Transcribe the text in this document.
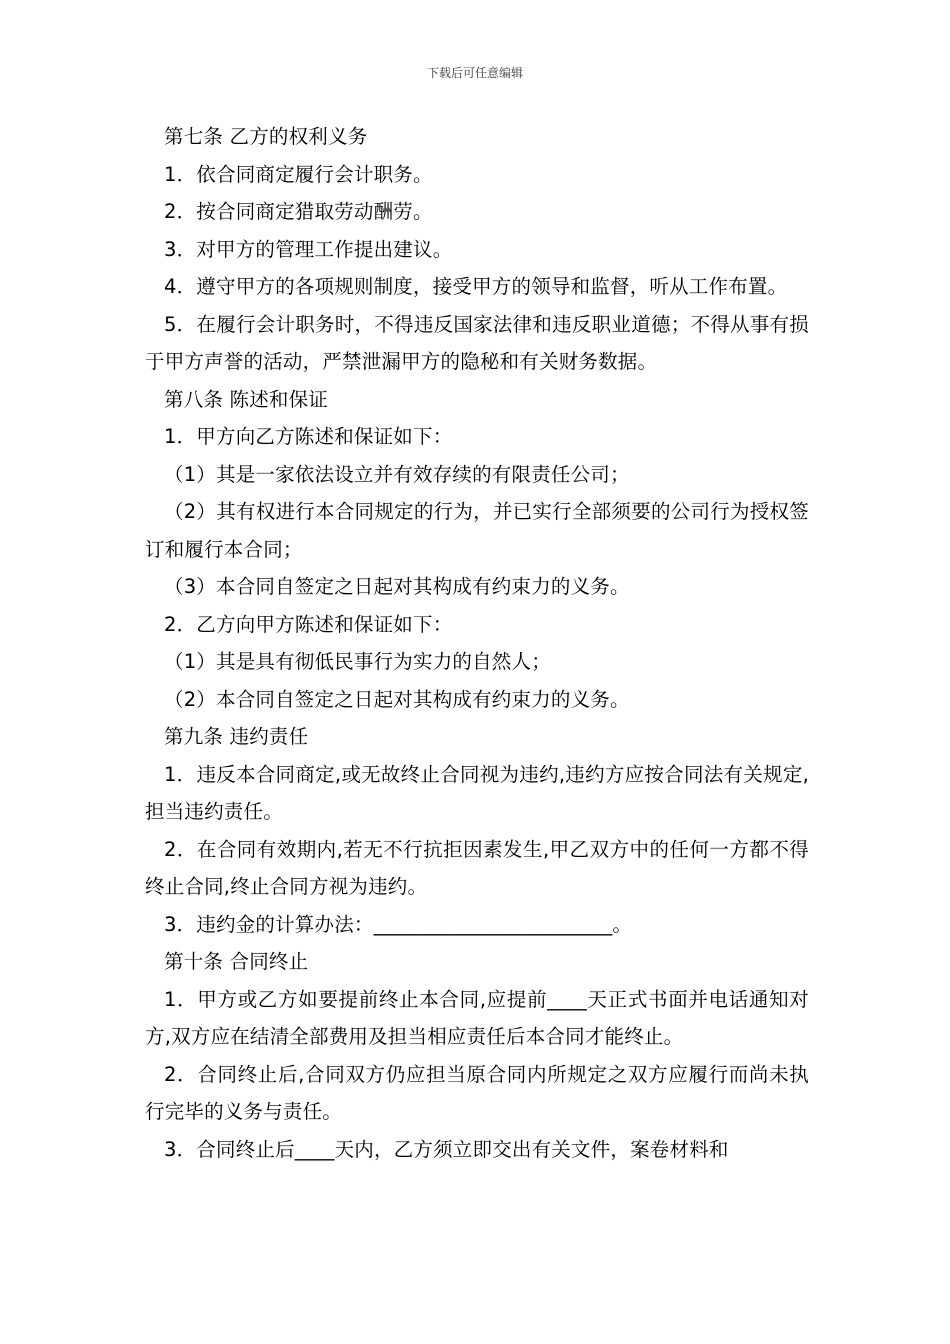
下载后可任意编辑

第七条 乙方的权利义务

1．依合同商定履行会计职务。

2．按合同商定猎取劳动酬劳。

3．对甲方的管理工作提出建议。

4．遵守甲方的各项规则制度，接受甲方的领导和监督，听从工作布置。

5．在履行会计职务时，不得违反国家法律和违反职业道德；不得从事有损于甲方声誉的活动，严禁泄漏甲方的隐秘和有关财务数据。

第八条 陈述和保证

1．甲方向乙方陈述和保证如下：

（1）其是一家依法设立并有效存续的有限责任公司；

（2）其有权进行本合同规定的行为，并已实行全部须要的公司行为授权签订和履行本合同；

（3）本合同自签定之日起对其构成有约束力的义务。

2．乙方向甲方陈述和保证如下：

（1）其是具有彻低民事行为实力的自然人；

（2）本合同自签定之日起对其构成有约束力的义务。

第九条 违约责任

1．违反本合同商定,或无故终止合同视为违约,违约方应按合同法有关规定,担当违约责任。

2．在合同有效期内,若无不行抗拒因素发生,甲乙双方中的任何一方都不得终止合同,终止合同方视为违约。

3．违约金的计算办法：________________________。

第十条 合同终止

1．甲方或乙方如要提前终止本合同,应提前____天正式书面并电话通知对方,双方应在结清全部费用及担当相应责任后本合同才能终止。

2．合同终止后,合同双方仍应担当原合同内所规定之双方应履行而尚未执行完毕的义务与责任。

3．合同终止后____天内，乙方须立即交出有关文件，案卷材料和
